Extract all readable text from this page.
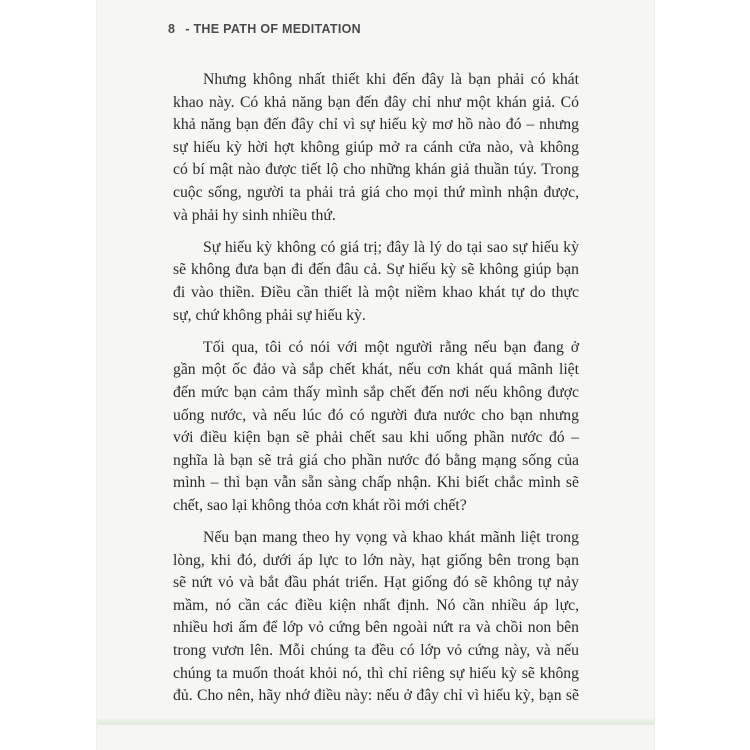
8 - THE PATH OF MEDITATION
Nhưng không nhất thiết khi đến đây là bạn phải có khát
khao này. Có khả năng bạn đến đây chỉ như một khán giả. Có
khả năng bạn đến đây chỉ vì sự hiếu kỳ mơ hồ nào đó – nhưng
sự hiếu kỳ hời hợt không giúp mở ra cánh cửa nào, và không
có bí mật nào được tiết lộ cho những khán giả thuần túy. Trong
cuộc sống, người ta phải trả giá cho mọi thứ mình nhận được,
và phải hy sinh nhiều thứ.
Sự hiếu kỳ không có giá trị; đây là lý do tại sao sự hiếu kỳ
sẽ không đưa bạn đi đến đâu cả. Sự hiếu kỳ sẽ không giúp bạn
đi vào thiền. Điều cần thiết là một niềm khao khát tự do thực
sự, chứ không phải sự hiếu kỳ.
Tối qua, tôi có nói với một người rằng nếu bạn đang ở
gần một ốc đảo và sắp chết khát, nếu cơn khát quá mãnh liệt
đến mức bạn cảm thấy mình sắp chết đến nơi nếu không được
uống nước, và nếu lúc đó có người đưa nước cho bạn nhưng
với điều kiện bạn sẽ phải chết sau khi uống phần nước đó –
nghĩa là bạn sẽ trả giá cho phần nước đó bằng mạng sống của
mình – thì bạn vẫn sẵn sàng chấp nhận. Khi biết chắc mình sẽ
chết, sao lại không thỏa cơn khát rồi mới chết?
Nếu bạn mang theo hy vọng và khao khát mãnh liệt trong
lòng, khi đó, dưới áp lực to lớn này, hạt giống bên trong bạn
sẽ nứt vỏ và bắt đầu phát triển. Hạt giống đó sẽ không tự nảy
mầm, nó cần các điều kiện nhất định. Nó cần nhiều áp lực,
nhiều hơi ấm để lớp vỏ cứng bên ngoài nứt ra và chồi non bên
trong vươn lên. Mỗi chúng ta đều có lớp vỏ cứng này, và nếu
chúng ta muốn thoát khỏi nó, thì chỉ riêng sự hiếu kỳ sẽ không
đủ. Cho nên, hãy nhớ điều này: nếu ở đây chỉ vì hiếu kỳ, bạn sẽ
